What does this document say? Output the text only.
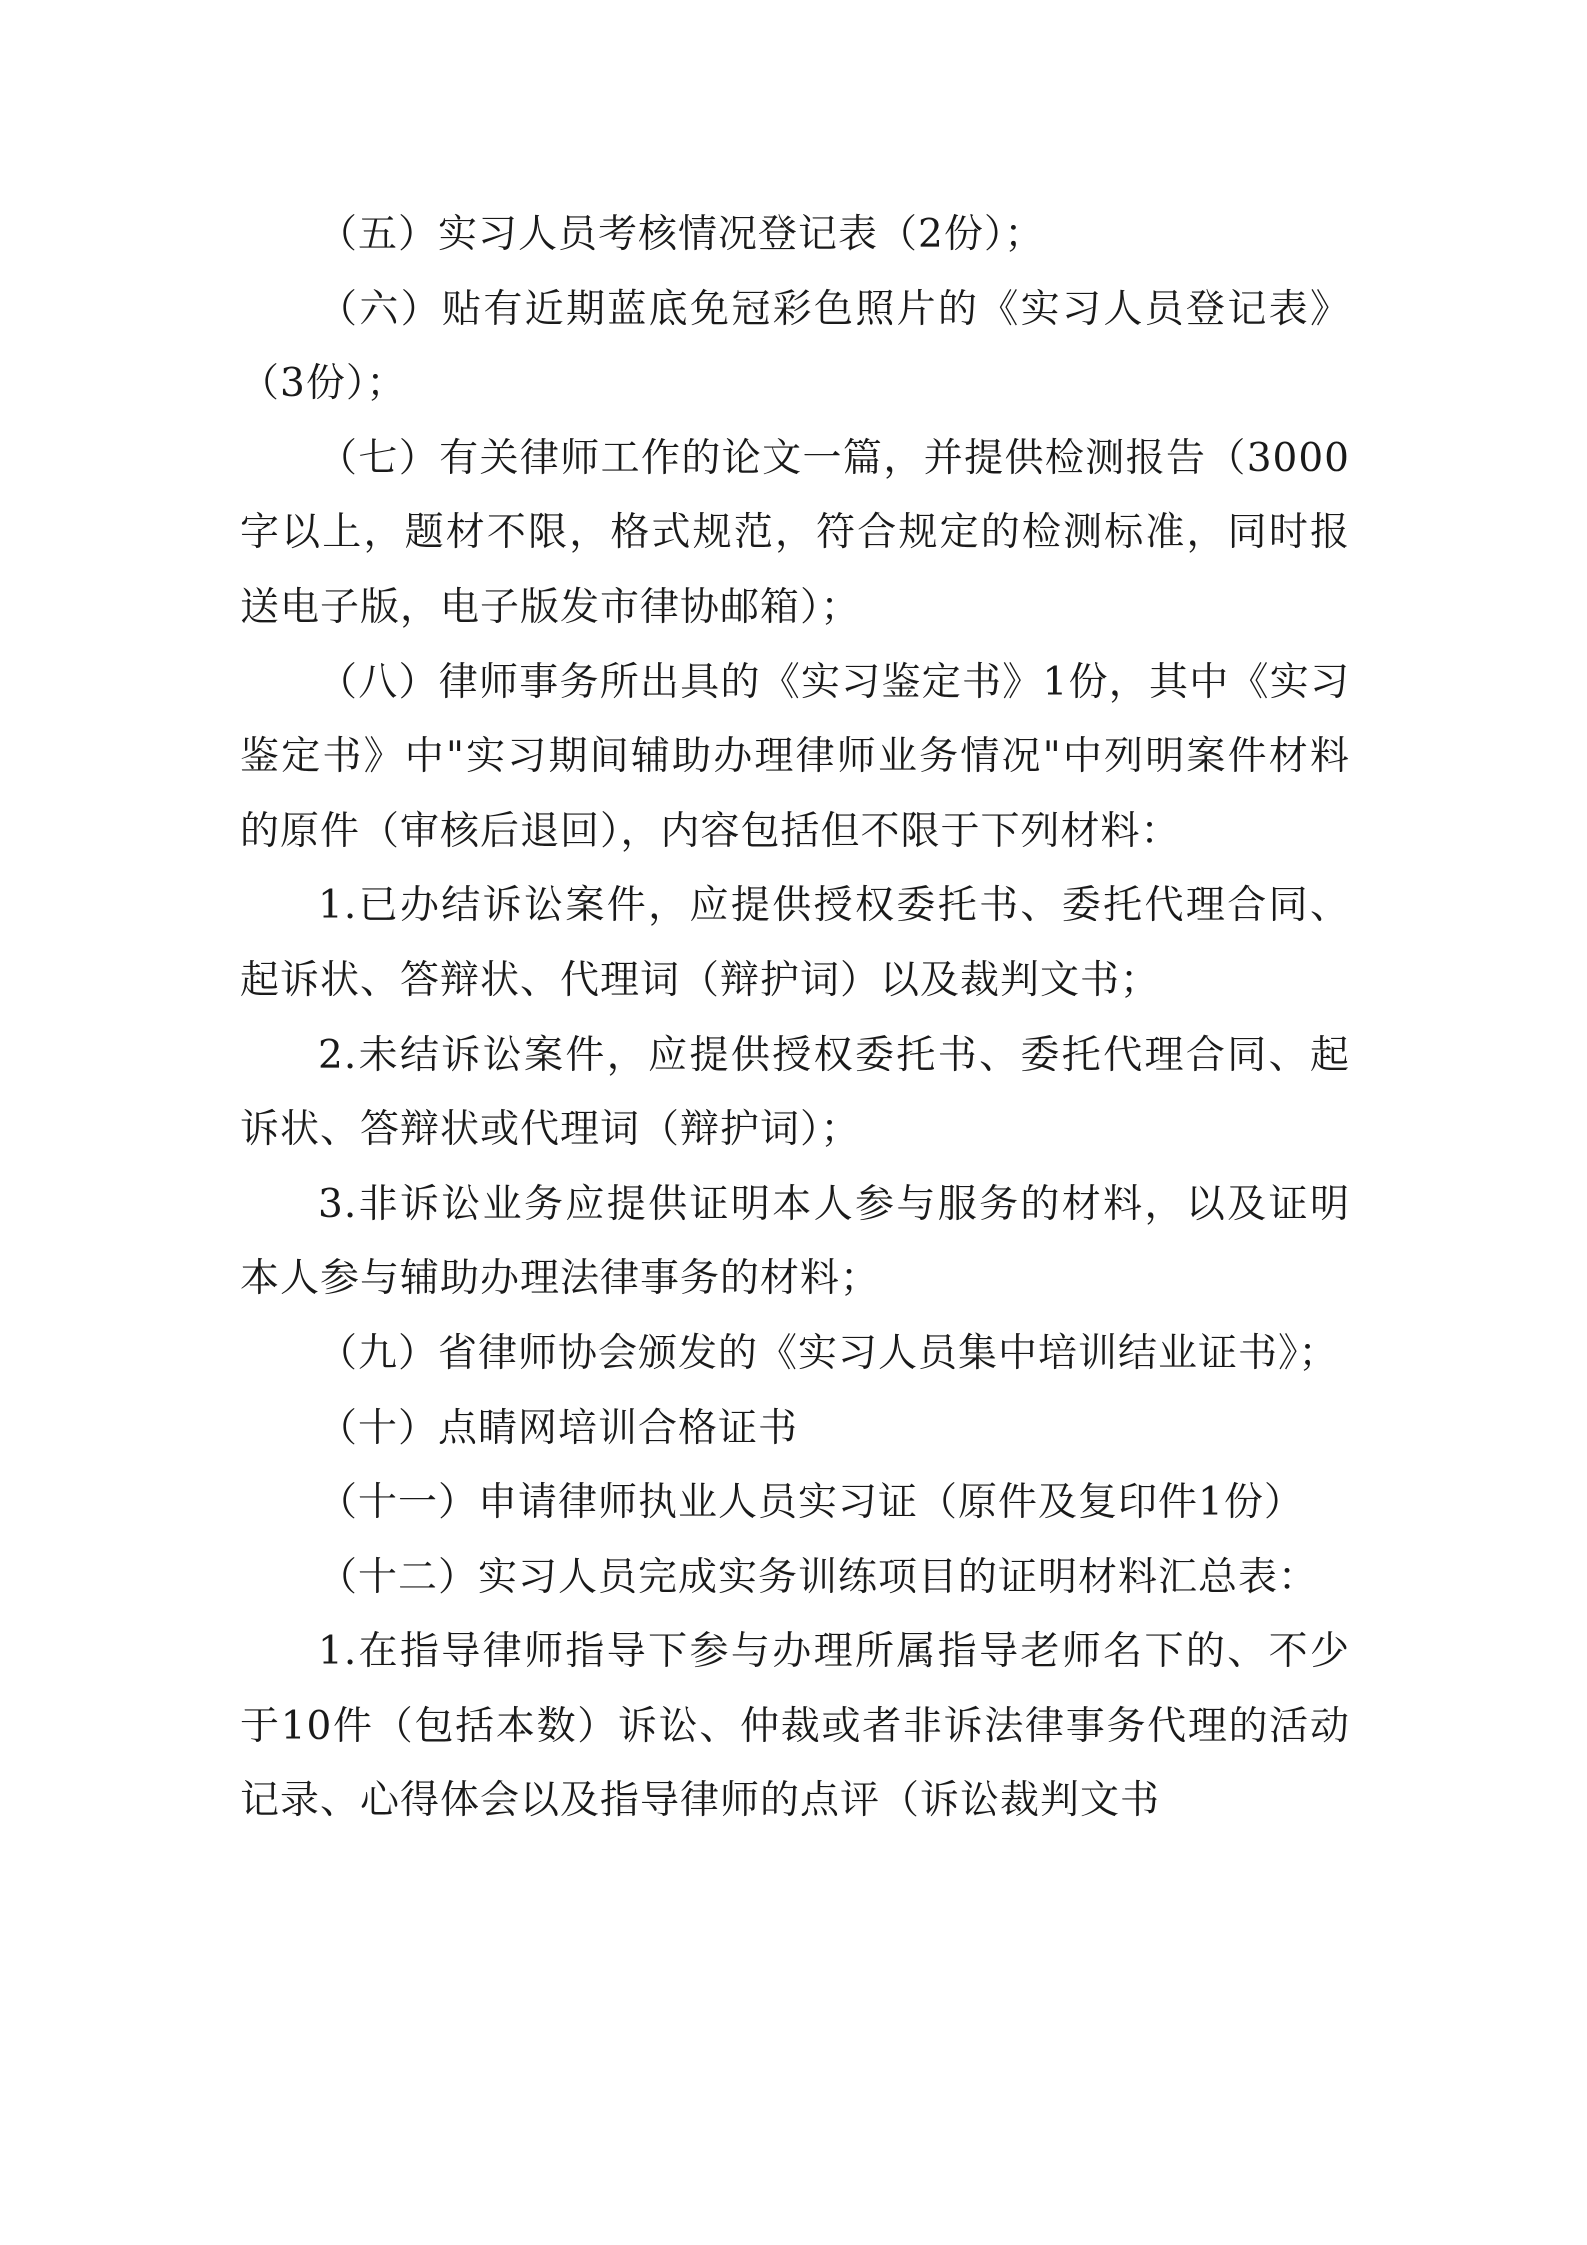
（五）实习人员考核情况登记表（2份）；

（六）贴有近期蓝底免冠彩色照片的《实习人员登记表》（3份）；

（七）有关律师工作的论文一篇，并提供检测报告（3000字以上，题材不限，格式规范，符合规定的检测标准，同时报送电子版，电子版发市律协邮箱）；

（八）律师事务所出具的《实习鉴定书》1份，其中《实习鉴定书》中"实习期间辅助办理律师业务情况"中列明案件材料的原件（审核后退回），内容包括但不限于下列材料：

1.已办结诉讼案件，应提供授权委托书、委托代理合同、起诉状、答辩状、代理词（辩护词）以及裁判文书；

2.未结诉讼案件，应提供授权委托书、委托代理合同、起诉状、答辩状或代理词（辩护词）；

3.非诉讼业务应提供证明本人参与服务的材料，以及证明本人参与辅助办理法律事务的材料；

（九）省律师协会颁发的《实习人员集中培训结业证书》；

（十）点睛网培训合格证书

（十一）申请律师执业人员实习证（原件及复印件1份）

（十二）实习人员完成实务训练项目的证明材料汇总表：

1.在指导律师指导下参与办理所属指导老师名下的、不少于10件（包括本数）诉讼、仲裁或者非诉法律事务代理的活动记录、心得体会以及指导律师的点评（诉讼裁判文书
